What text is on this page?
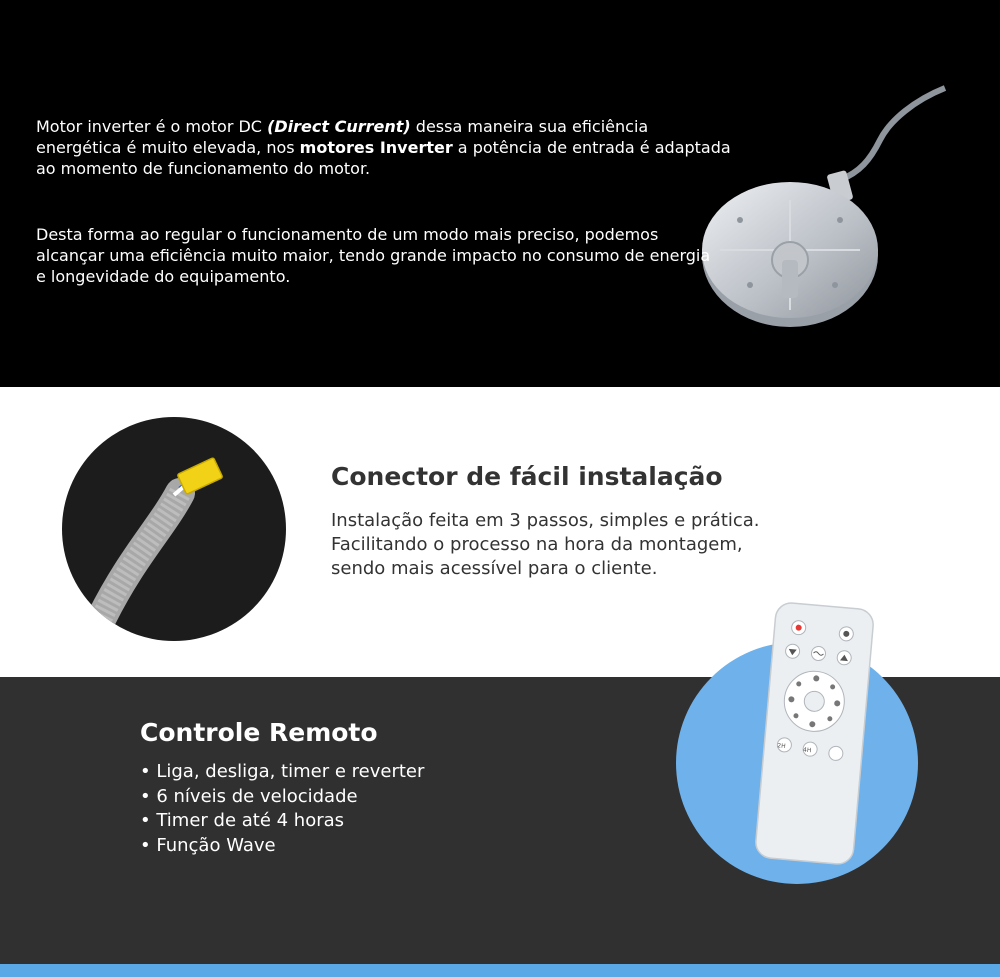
Motor inverter é o motor DC (Direct Current) dessa maneira sua eficiência energética é muito elevada, nos motores Inverter a potência de entrada é adaptada ao momento de funcionamento do motor.

Desta forma ao regular o funcionamento de um modo mais preciso, podemos alcançar uma eficiência muito maior, tendo grande impacto no consumo de energia e longevidade do equipamento.

Conector de fácil instalação

Instalação feita em 3 passos, simples e prática.
Facilitando o processo na hora da montagem,
sendo mais acessível para o cliente.

Controle Remoto
• Liga, desliga, timer e reverter
• 6 níveis de velocidade
• Timer de até 4 horas
• Função Wave
2H
4H
